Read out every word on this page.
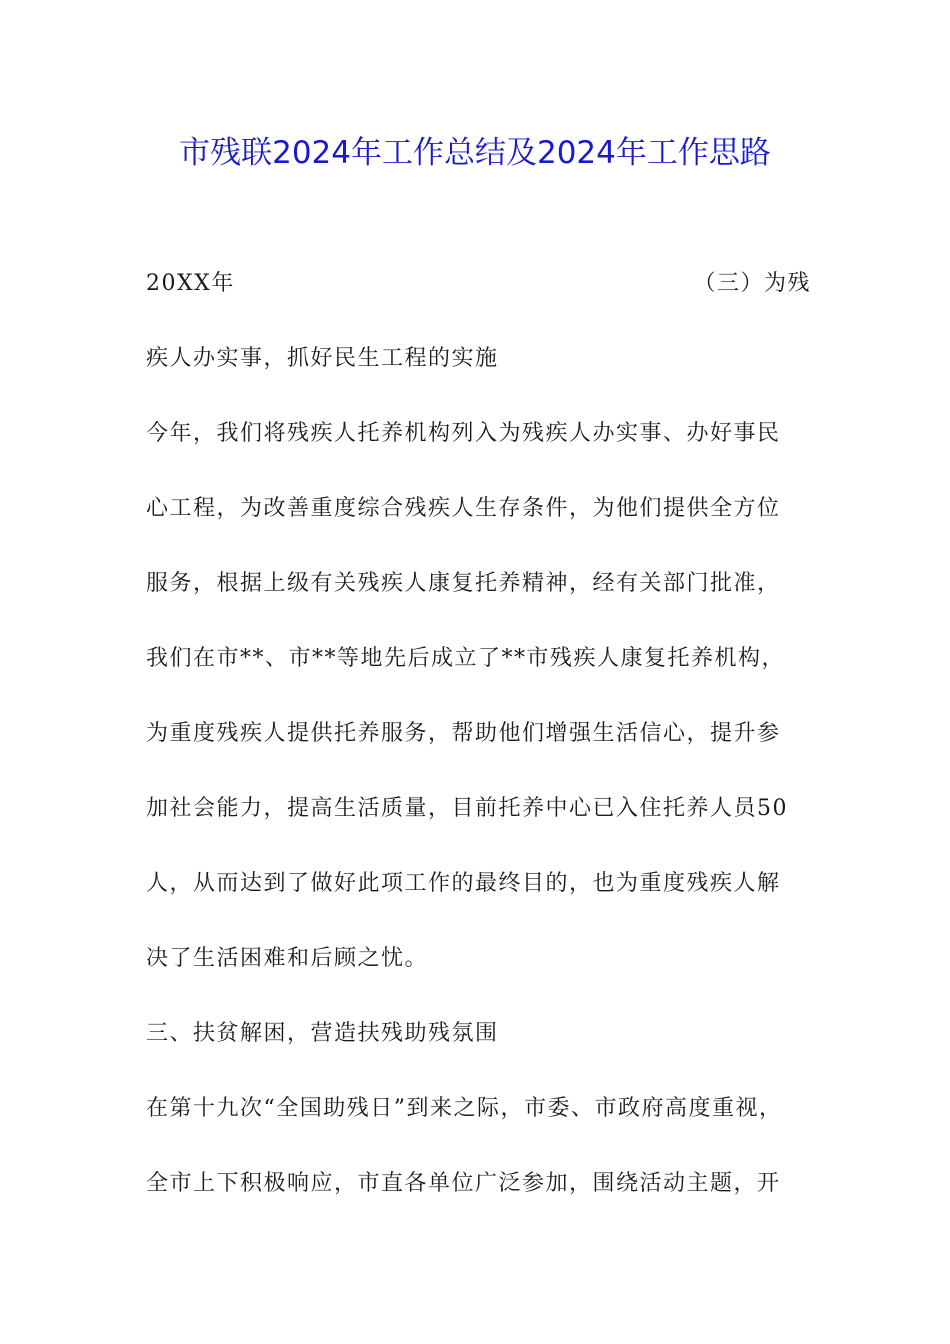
市残联2024年工作总结及2024年工作思路
20XX年	（三）为残
疾人办实事，抓好民生工程的实施
今年，我们将残疾人托养机构列入为残疾人办实事、办好事民
心工程，为改善重度综合残疾人生存条件，为他们提供全方位
服务，根据上级有关残疾人康复托养精神，经有关部门批准，
我们在市**、市**等地先后成立了**市残疾人康复托养机构，
为重度残疾人提供托养服务，帮助他们增强生活信心，提升参
加社会能力，提高生活质量，目前托养中心已入住托养人员50
人，从而达到了做好此项工作的最终目的，也为重度残疾人解
决了生活困难和后顾之忧。
三、扶贫解困，营造扶残助残氛围
在第十九次“全国助残日”到来之际，市委、市政府高度重视，
全市上下积极响应，市直各单位广泛参加，围绕活动主题，开
